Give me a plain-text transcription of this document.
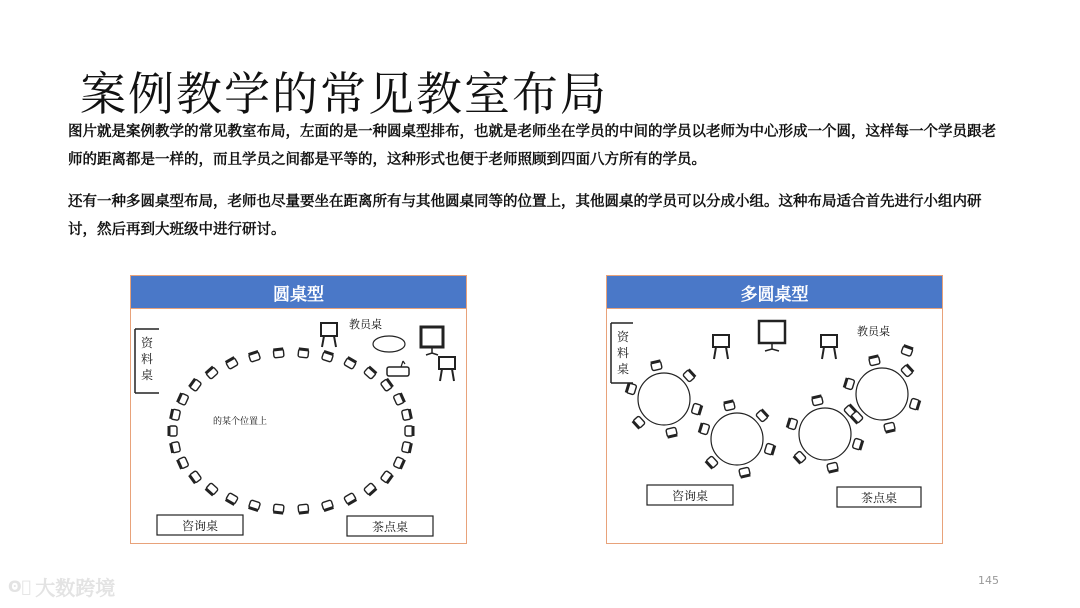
案例教学的常见教室布局
图片就是案例教学的常见教室布局，左面的是一种圆桌型排布，也就是老师坐在学员的中间的学员以老师为中心形成一个圆，这样每一个学员跟老师的距离都是一样的，而且学员之间都是平等的，这种形式也便于老师照顾到四面八方所有的学员。
还有一种多圆桌型布局，老师也尽量要坐在距离所有与其他圆桌同等的位置上，其他圆桌的学员可以分成小组。这种布局适合首先进行小组内研讨，然后再到大班级中进行研讨。
圆桌型
资
料
桌
教员桌
的某个位置上
咨询桌	茶点桌
多圆桌型
资
料
桌
教员桌
咨询桌	茶点桌
145
ʘ⃝ 大数跨境
